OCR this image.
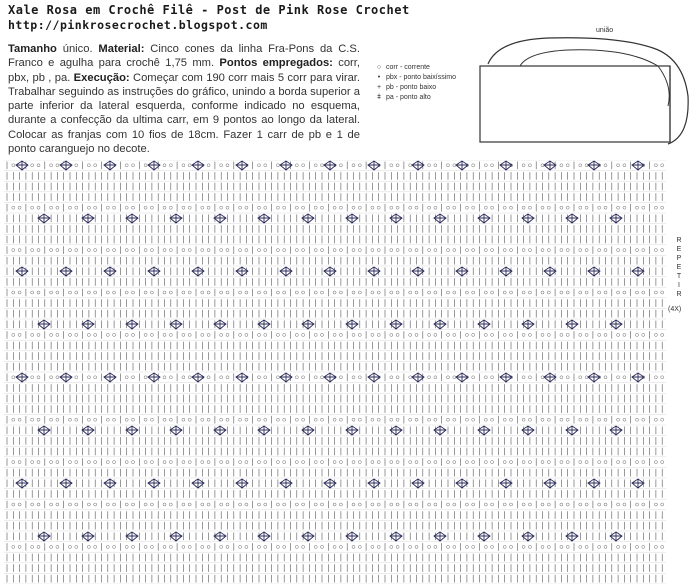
Xale Rosa em Crochê Filê - Post de Pink Rose Crochet
http://pinkrosecrochet.blogspot.com
Tamanho único. Material: Cinco cones da linha Fra-Pons da C.S. Franco e agulha para crochê 1,75 mm. Pontos empregados: corr, pbx, pb , pa. Execução: Começar com 190 corr mais 5 corr para virar. Trabalhar seguindo as instruções do gráfico, unindo a borda superior a parte inferior da lateral esquerda, conforme indicado no esquema, durante a confecção da ultima carr, em 9 pontos ao longo da lateral. Colocar as franjas com 10 fios de 18cm. Fazer 1 carr de pb e 1 de ponto caranguejo no decote.
○ corr - corrente
• pbx - ponto baixíssimo
+ pb - ponto baixo
ǂ pa - ponto alto
união
R
E
P
E
T
I
R
(4X)
